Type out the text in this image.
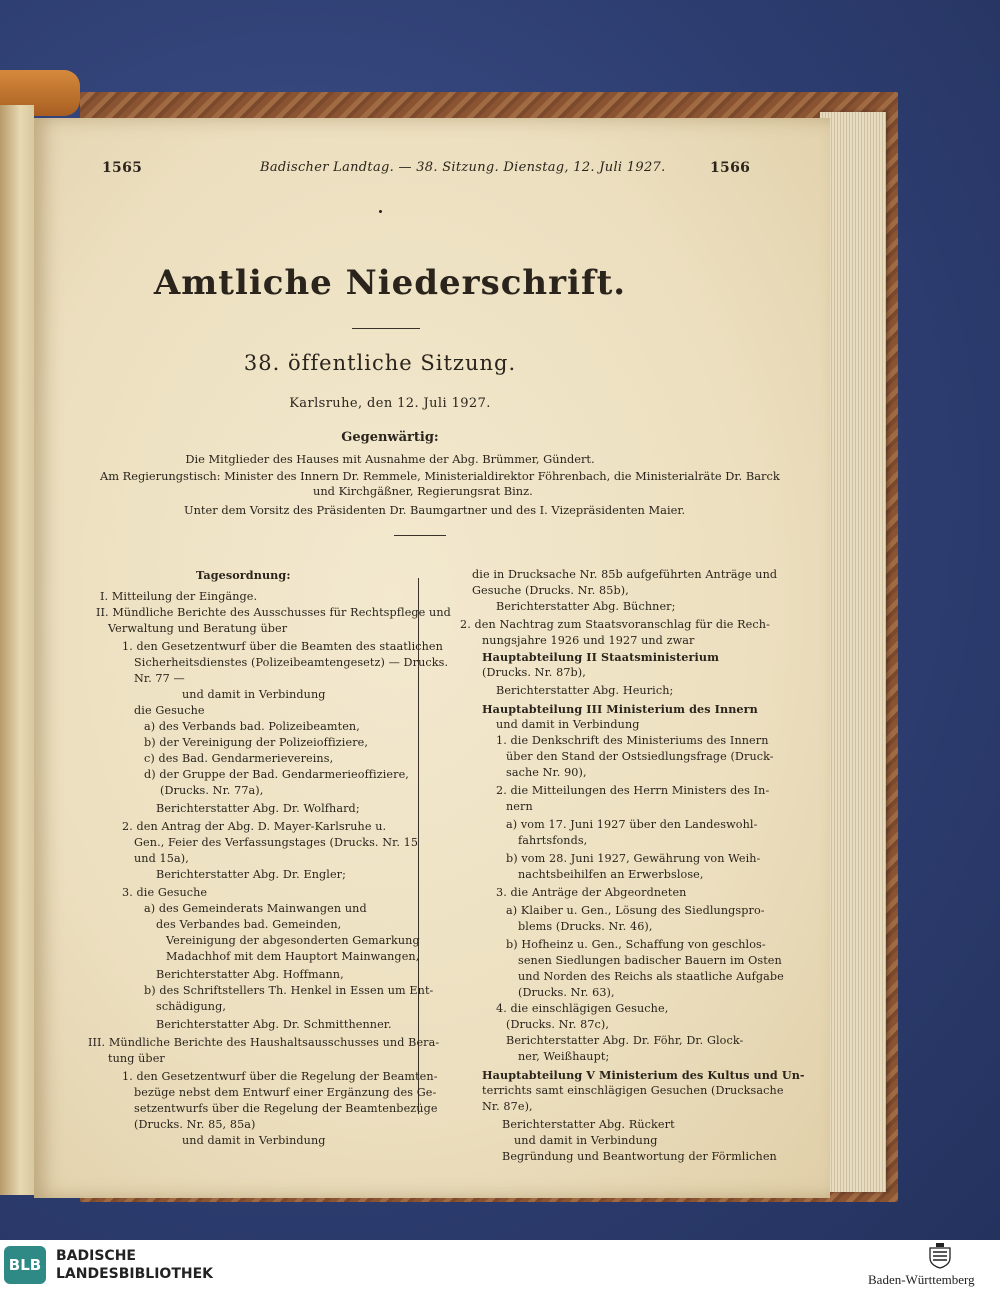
1565	Badischer Landtag. — 38. Sitzung. Dienstag, 12. Juli 1927.	1566
Amtliche Niederschrift.
38. öffentliche Sitzung.
Karlsruhe, den 12. Juli 1927.
Gegenwärtig:
Die Mitglieder des Hauses mit Ausnahme der Abg. Brümmer, Gündert.
Am Regierungstisch: Minister des Innern Dr. Remmele, Ministerialdirektor Föhrenbach, die Ministerialräte Dr. Barck
und Kirchgäßner, Regierungsrat Binz.
Unter dem Vorsitz des Präsidenten Dr. Baumgartner und des I. Vizepräsidenten Maier.
Tagesordnung:
I. Mitteilung der Eingänge.
II. Mündliche Berichte des Ausschusses für Rechtspflege und
Verwaltung und Beratung über
1. den Gesetzentwurf über die Beamten des staatlichen
Sicherheitsdienstes (Polizeibeamtengesetz) — Drucks.
Nr. 77 —
und damit in Verbindung
die Gesuche
a) des Verbands bad. Polizeibeamten,
b) der Vereinigung der Polizeioffiziere,
c) des Bad. Gendarmerievereins,
d) der Gruppe der Bad. Gendarmerieoffiziere,
(Drucks. Nr. 77a),
Berichterstatter Abg. Dr. Wolfhard;
2. den Antrag der Abg. D. Mayer-Karlsruhe u.
Gen., Feier des Verfassungstages (Drucks. Nr. 15
und 15a),
Berichterstatter Abg. Dr. Engler;
3. die Gesuche
a) des Gemeinderats Mainwangen und
des Verbandes bad. Gemeinden,
Vereinigung der abgesonderten Gemarkung
Madachhof mit dem Hauptort Mainwangen,
Berichterstatter Abg. Hoffmann,
b) des Schriftstellers Th. Henkel in Essen um Ent-
schädigung,
Berichterstatter Abg. Dr. Schmitthenner.
III. Mündliche Berichte des Haushaltsausschusses und Bera-
tung über
1. den Gesetzentwurf über die Regelung der Beamten-
bezüge nebst dem Entwurf einer Ergänzung des Ge-
setzentwurfs über die Regelung der Beamtenbezüge
(Drucks. Nr. 85, 85a)
und damit in Verbindung
die in Drucksache Nr. 85b aufgeführten Anträge und
Gesuche (Drucks. Nr. 85b),
Berichterstatter Abg. Büchner;
2. den Nachtrag zum Staatsvoranschlag für die Rech-
nungsjahre 1926 und 1927 und zwar
Hauptabteilung II Staatsministerium
(Drucks. Nr. 87b),
Berichterstatter Abg. Heurich;
Hauptabteilung III Ministerium des Innern
und damit in Verbindung
1. die Denkschrift des Ministeriums des Innern
über den Stand der Ostsiedlungsfrage (Druck-
sache Nr. 90),
2. die Mitteilungen des Herrn Ministers des In-
nern
a) vom 17. Juni 1927 über den Landeswohl-
fahrtsfonds,
b) vom 28. Juni 1927, Gewährung von Weih-
nachtsbeihilfen an Erwerbslose,
3. die Anträge der Abgeordneten
a) Klaiber u. Gen., Lösung des Siedlungspro-
blems (Drucks. Nr. 46),
b) Hofheinz u. Gen., Schaffung von geschlos-
senen Siedlungen badischer Bauern im Osten
und Norden des Reichs als staatliche Aufgabe
(Drucks. Nr. 63),
4. die einschlägigen Gesuche,
(Drucks. Nr. 87c),
Berichterstatter Abg. Dr. Föhr, Dr. Glock-
ner, Weißhaupt;
Hauptabteilung V Ministerium des Kultus und Un-
terrichts samt einschlägigen Gesuchen (Drucksache
Nr. 87e),
Berichterstatter Abg. Rückert
und damit in Verbindung
Begründung und Beantwortung der Förmlichen
BLB	BADISCHE
LANDESBIBLIOTHEK	Baden-Württemberg
